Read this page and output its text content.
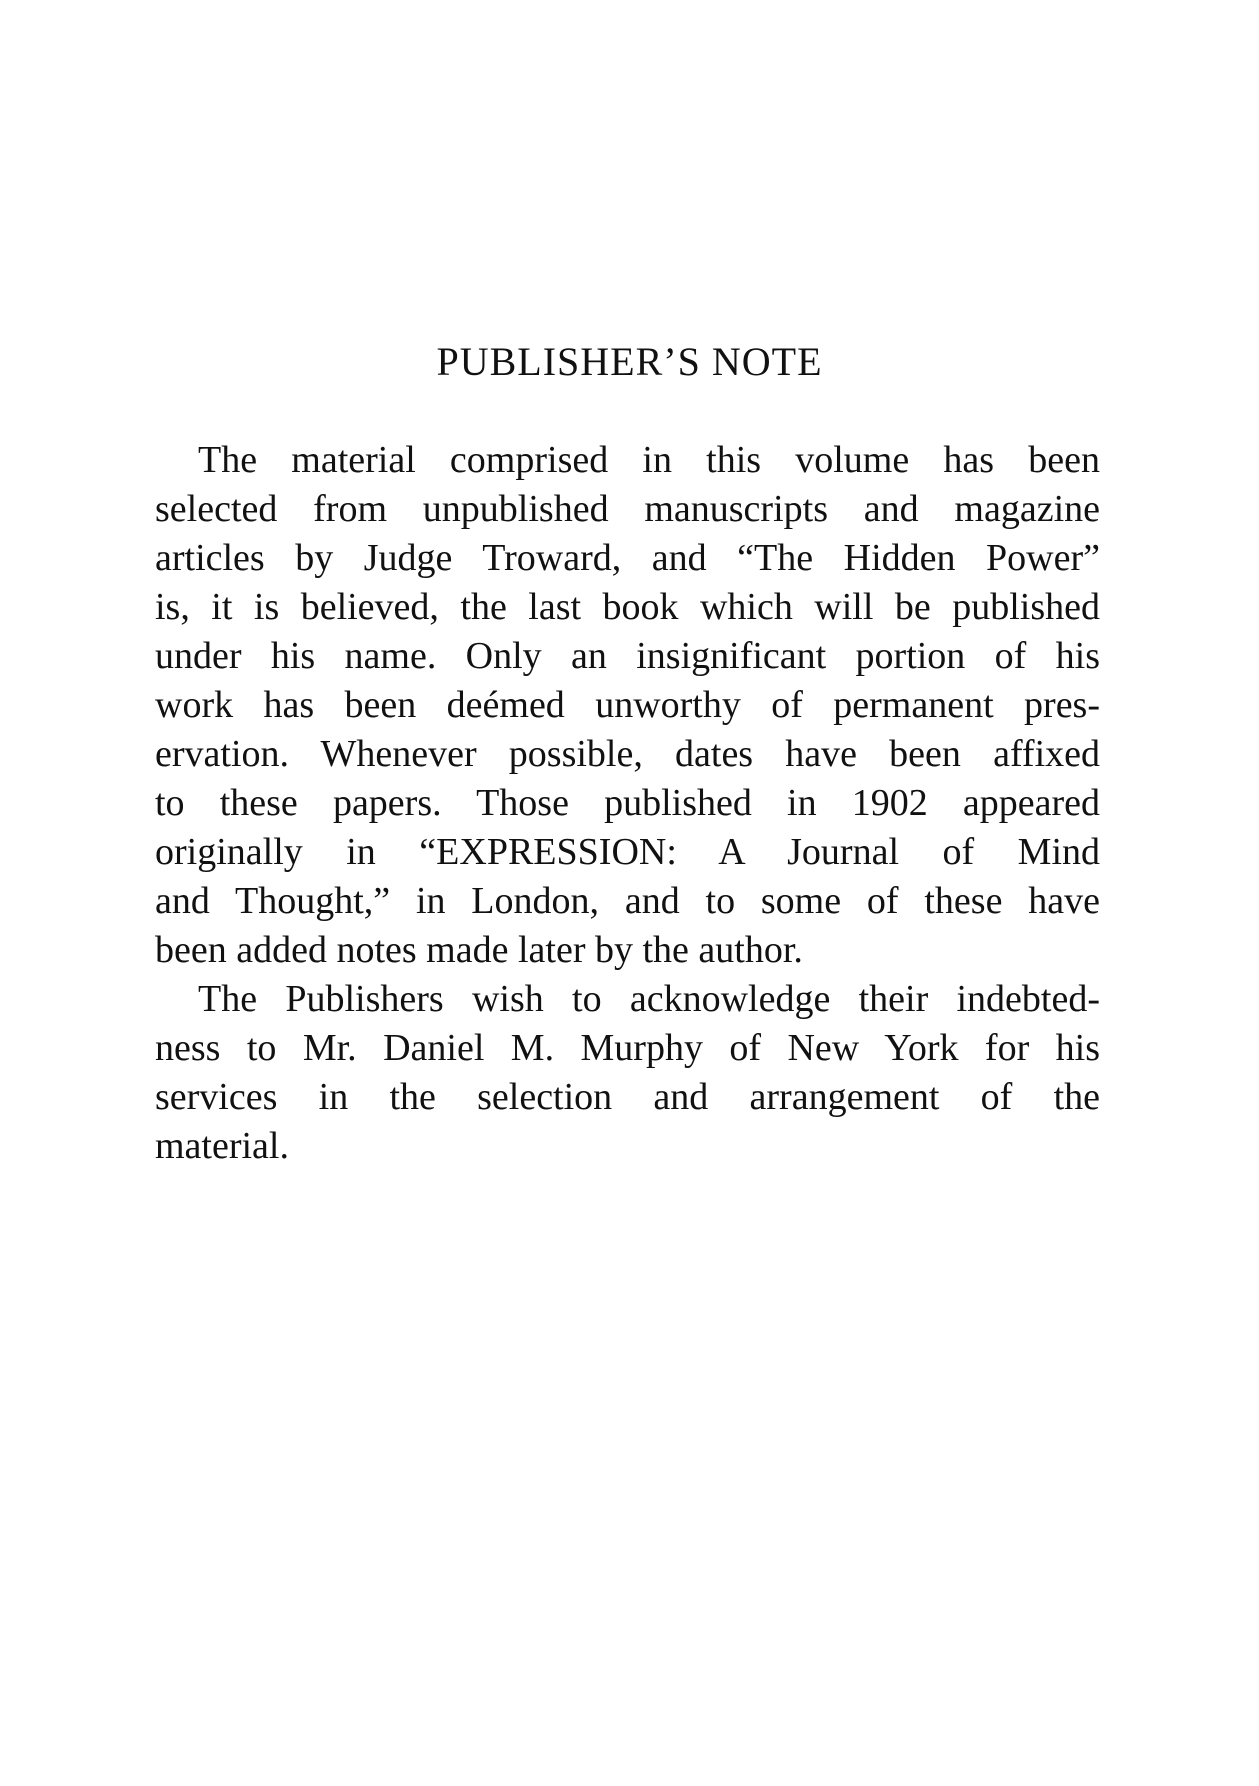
PUBLISHER’S NOTE
The material comprised in this volume has been
selected from unpublished manuscripts and magazine
articles by Judge Troward, and “The Hidden Power”
is, it is believed, the last book which will be published
under his name. Only an insignificant portion of his
work has been deémed unworthy of permanent pres-
ervation. Whenever possible, dates have been affixed
to these papers. Those published in 1902 appeared
originally in “EXPRESSION: A Journal of Mind
and Thought,” in London, and to some of these have
been added notes made later by the author.
The Publishers wish to acknowledge their indebted-
ness to Mr. Daniel M. Murphy of New York for his
services in the selection and arrangement of the
material.
